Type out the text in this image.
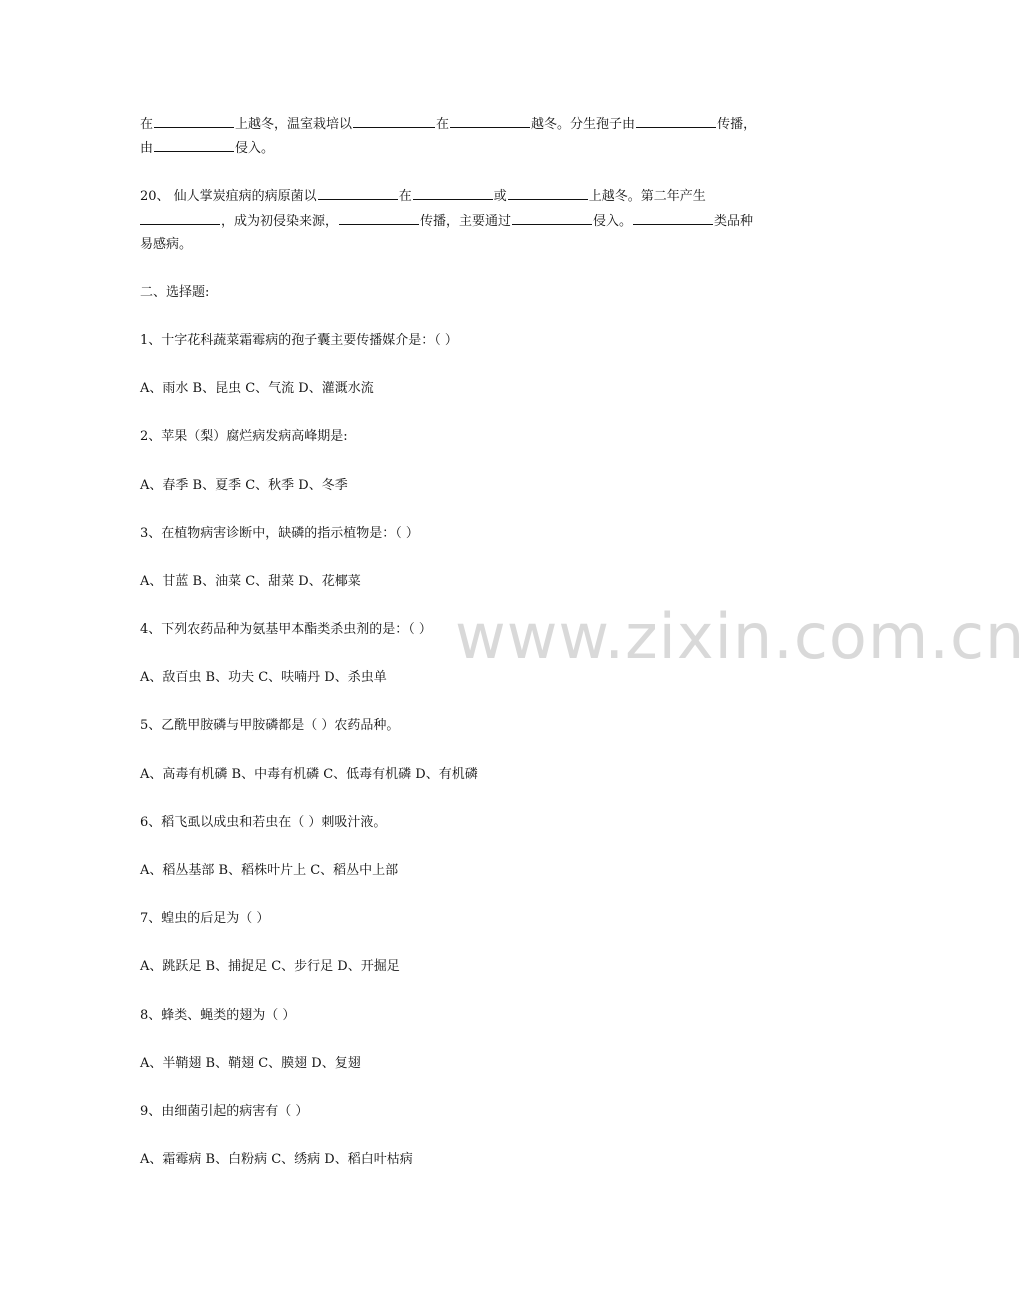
在	上越冬，温室栽培以	在	越冬。分生孢子由	传播，
由	侵入。
20、 仙人掌炭疽病的病原菌以	在	或	上越冬。第二年产生
，成为初侵染来源，	传播，主要通过	侵入。	类品种
易感病。
二、选择题:
1、十字花科蔬菜霜霉病的孢子囊主要传播媒介是：（ ）
A、雨水 B、昆虫 C、气流 D、灌溉水流
2、苹果（梨）腐烂病发病高峰期是:
A、春季 B、夏季 C、秋季 D、冬季
3、在植物病害诊断中，缺磷的指示植物是：（ ）
A、甘蓝 B、油菜 C、甜菜 D、花椰菜
4、下列农药品种为氨基甲本酯类杀虫剂的是：（ ）
A、敌百虫 B、功夫 C、呋喃丹 D、杀虫单
5、乙酰甲胺磷与甲胺磷都是（ ）农药品种。
A、高毒有机磷 B、中毒有机磷 C、低毒有机磷 D、有机磷
6、稻飞虱以成虫和若虫在（ ）刺吸汁液。
A、稻丛基部 B、稻株叶片上 C、稻丛中上部
7、蝗虫的后足为（ ）
A、跳跃足 B、捕捉足 C、步行足 D、开掘足
8、蜂类、蝇类的翅为（ ）
A、半鞘翅 B、鞘翅 C、膜翅 D、复翅
9、由细菌引起的病害有（ ）
A、霜霉病 B、白粉病 C、绣病 D、稻白叶枯病
www.zixin.com.cn
